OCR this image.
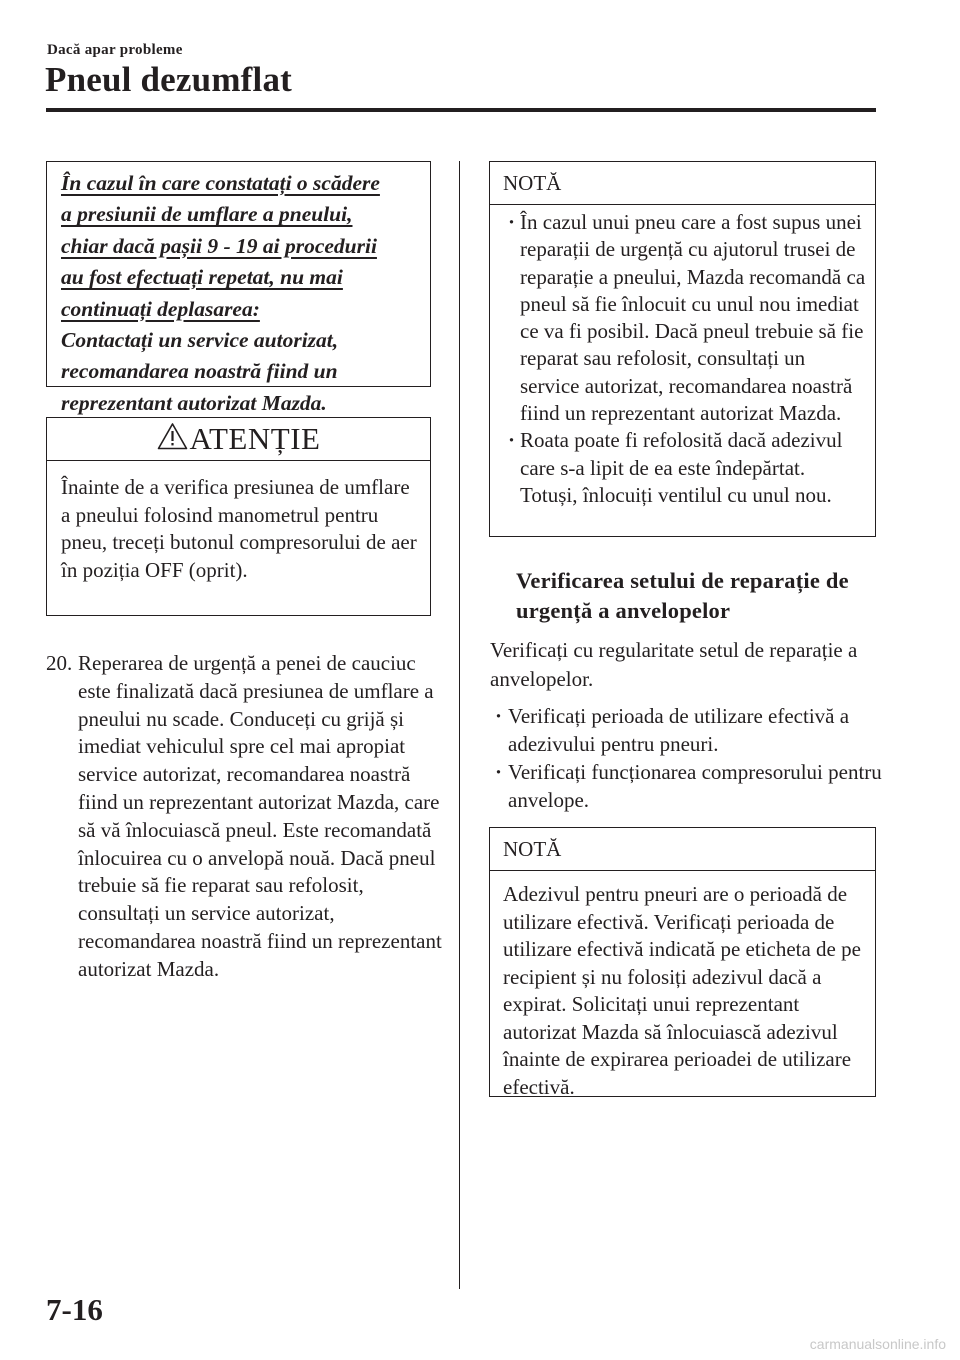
Dacă apar probleme
Pneul dezumflat

În cazul în care constatați o scădere

a presiunii de umflare a pneului,

chiar dacă pașii 9 - 19 ai procedurii

au fost efectuați repetat, nu mai

continuați deplasarea:

Contactați un service autorizat,

recomandarea noastră fiind un

reprezentant autorizat Mazda.

ATENȚIE
Înainte de a verifica presiunea de umflare a pneului folosind manometrul pentru pneu, treceți butonul compresorului de aer în poziția OFF (oprit).
20. Reperarea de urgență a penei de cauciuc este finalizată dacă presiunea de umflare a pneului nu scade. Conduceți cu grijă și imediat vehiculul spre cel mai apropiat service autorizat, recomandarea noastră fiind un reprezentant autorizat Mazda, care să vă înlocuiască pneul. Este recomandată înlocuirea cu o anvelopă nouă. Dacă pneul trebuie să fie reparat sau refolosit, consultați un service autorizat, recomandarea noastră fiind un reprezentant autorizat Mazda.
NOTĂ
· În cazul unui pneu care a fost supus unei reparații de urgență cu ajutorul trusei de reparație a pneului, Mazda recomandă ca pneul să fie înlocuit cu unul nou imediat ce va fi posibil. Dacă pneul trebuie să fie reparat sau refolosit, consultați un service autorizat, recomandarea noastră fiind un reprezentant autorizat Mazda.
· Roata poate fi refolosită dacă adezivul care s-a lipit de ea este îndepărtat. Totuși, înlocuiți ventilul cu unul nou.
Verificarea setului de reparație de urgență a anvelopelor
Verificați cu regularitate setul de reparație a anvelopelor.
· Verificați perioada de utilizare efectivă a adezivului pentru pneuri.
· Verificați funcționarea compresorului pentru anvelope.
NOTĂ
Adezivul pentru pneuri are o perioadă de utilizare efectivă. Verificați perioada de utilizare efectivă indicată pe eticheta de pe recipient și nu folosiți adezivul dacă a expirat. Solicitați unui reprezentant autorizat Mazda să înlocuiască adezivul înainte de expirarea perioadei de utilizare efectivă.
7-16
carmanualsonline.info
